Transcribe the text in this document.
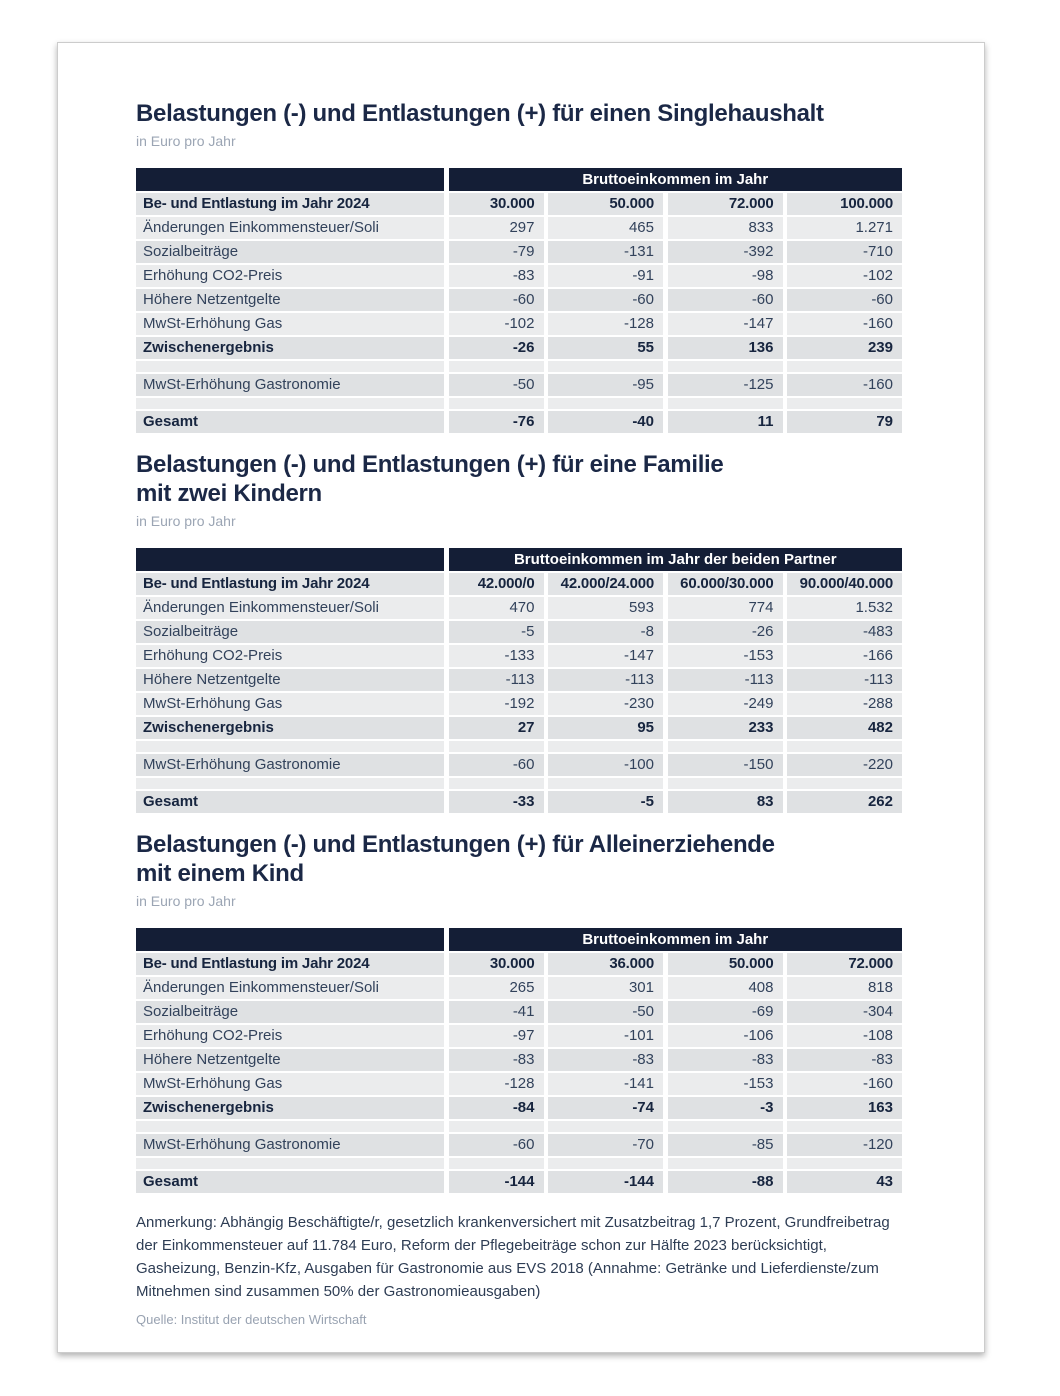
Belastungen (-) und Entlastungen (+) für einen Singlehaushalt
in Euro pro Jahr
Bruttoeinkommen im Jahr
Be- und Entlastung im Jahr 2024	30.000	50.000	72.000	100.000
Änderungen Einkommensteuer/Soli	297	465	833	1.271
Sozialbeiträge	-79	-131	-392	-710
Erhöhung CO2-Preis	-83	-91	-98	-102
Höhere Netzentgelte	-60	-60	-60	-60
MwSt-Erhöhung Gas	-102	-128	-147	-160
Zwischenergebnis	-26	55	136	239
MwSt-Erhöhung Gastronomie	-50	-95	-125	-160
Gesamt	-76	-40	11	79
Belastungen (-) und Entlastungen (+) für eine Familie
mit zwei Kindern
in Euro pro Jahr
Bruttoeinkommen im Jahr der beiden Partner
Be- und Entlastung im Jahr 2024	42.000/0	42.000/24.000	60.000/30.000	90.000/40.000
Änderungen Einkommensteuer/Soli	470	593	774	1.532
Sozialbeiträge	-5	-8	-26	-483
Erhöhung CO2-Preis	-133	-147	-153	-166
Höhere Netzentgelte	-113	-113	-113	-113
MwSt-Erhöhung Gas	-192	-230	-249	-288
Zwischenergebnis	27	95	233	482
MwSt-Erhöhung Gastronomie	-60	-100	-150	-220
Gesamt	-33	-5	83	262
Belastungen (-) und Entlastungen (+) für Alleinerziehende
mit einem Kind
in Euro pro Jahr
Bruttoeinkommen im Jahr
Be- und Entlastung im Jahr 2024	30.000	36.000	50.000	72.000
Änderungen Einkommensteuer/Soli	265	301	408	818
Sozialbeiträge	-41	-50	-69	-304
Erhöhung CO2-Preis	-97	-101	-106	-108
Höhere Netzentgelte	-83	-83	-83	-83
MwSt-Erhöhung Gas	-128	-141	-153	-160
Zwischenergebnis	-84	-74	-3	163
MwSt-Erhöhung Gastronomie	-60	-70	-85	-120
Gesamt	-144	-144	-88	43
Anmerkung: Abhängig Beschäftigte/r, gesetzlich krankenversichert mit Zusatzbeitrag 1,7 Prozent, Grundfreibetrag der Einkommensteuer auf 11.784 Euro, Reform der Pflegebeiträge schon zur Hälfte 2023 berücksichtigt, Gasheizung, Benzin-Kfz, Ausgaben für Gastronomie aus EVS 2018 (Annahme: Getränke und Lieferdienste/zum Mitnehmen sind zusammen 50% der Gastronomieausgaben)
Quelle: Institut der deutschen Wirtschaft
